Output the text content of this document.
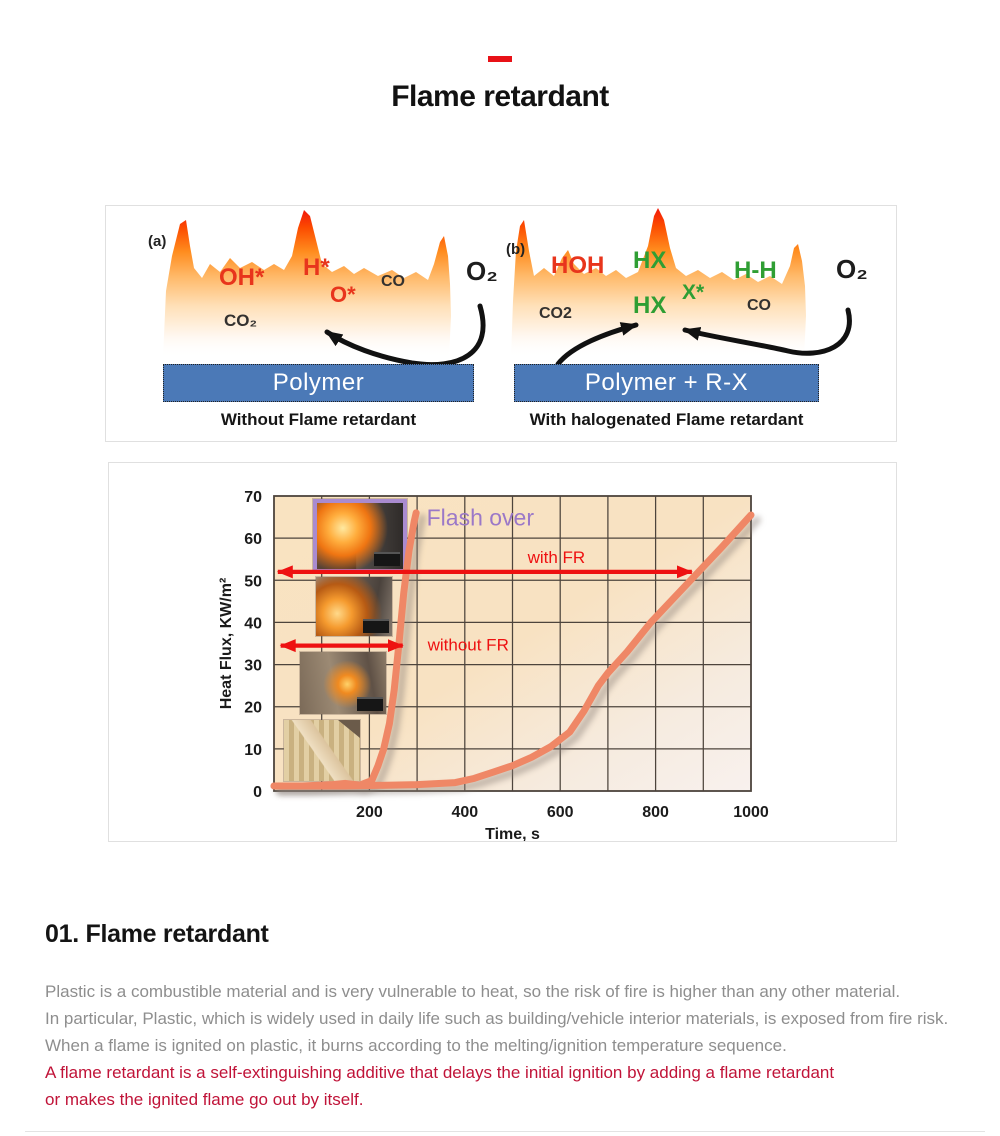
Flame retardant
(a)
OH* H*
O*
CO
CO₂
O₂
Polymer
Without Flame retardant
(b)
HOH HX	H-H
X*
HX
CO2	CO
O₂
Polymer + R-X
With halogenated Flame retardant
0
10
20
30
40
50
60
70
200	400	600	800	1000
Time, s
Heat Flux, KW/m²
with FR
without FR
Flash over
01. Flame retardant
Plastic is a combustible material and is very vulnerable to heat, so the risk of fire is higher than any other material.
In particular, Plastic, which is widely used in daily life such as building/vehicle interior materials, is exposed from fire risk.
When a flame is ignited on plastic, it burns according to the melting/ignition temperature sequence.
A flame retardant is a self-extinguishing additive that delays the initial ignition by adding a flame retardant
or makes the ignited flame go out by itself.
